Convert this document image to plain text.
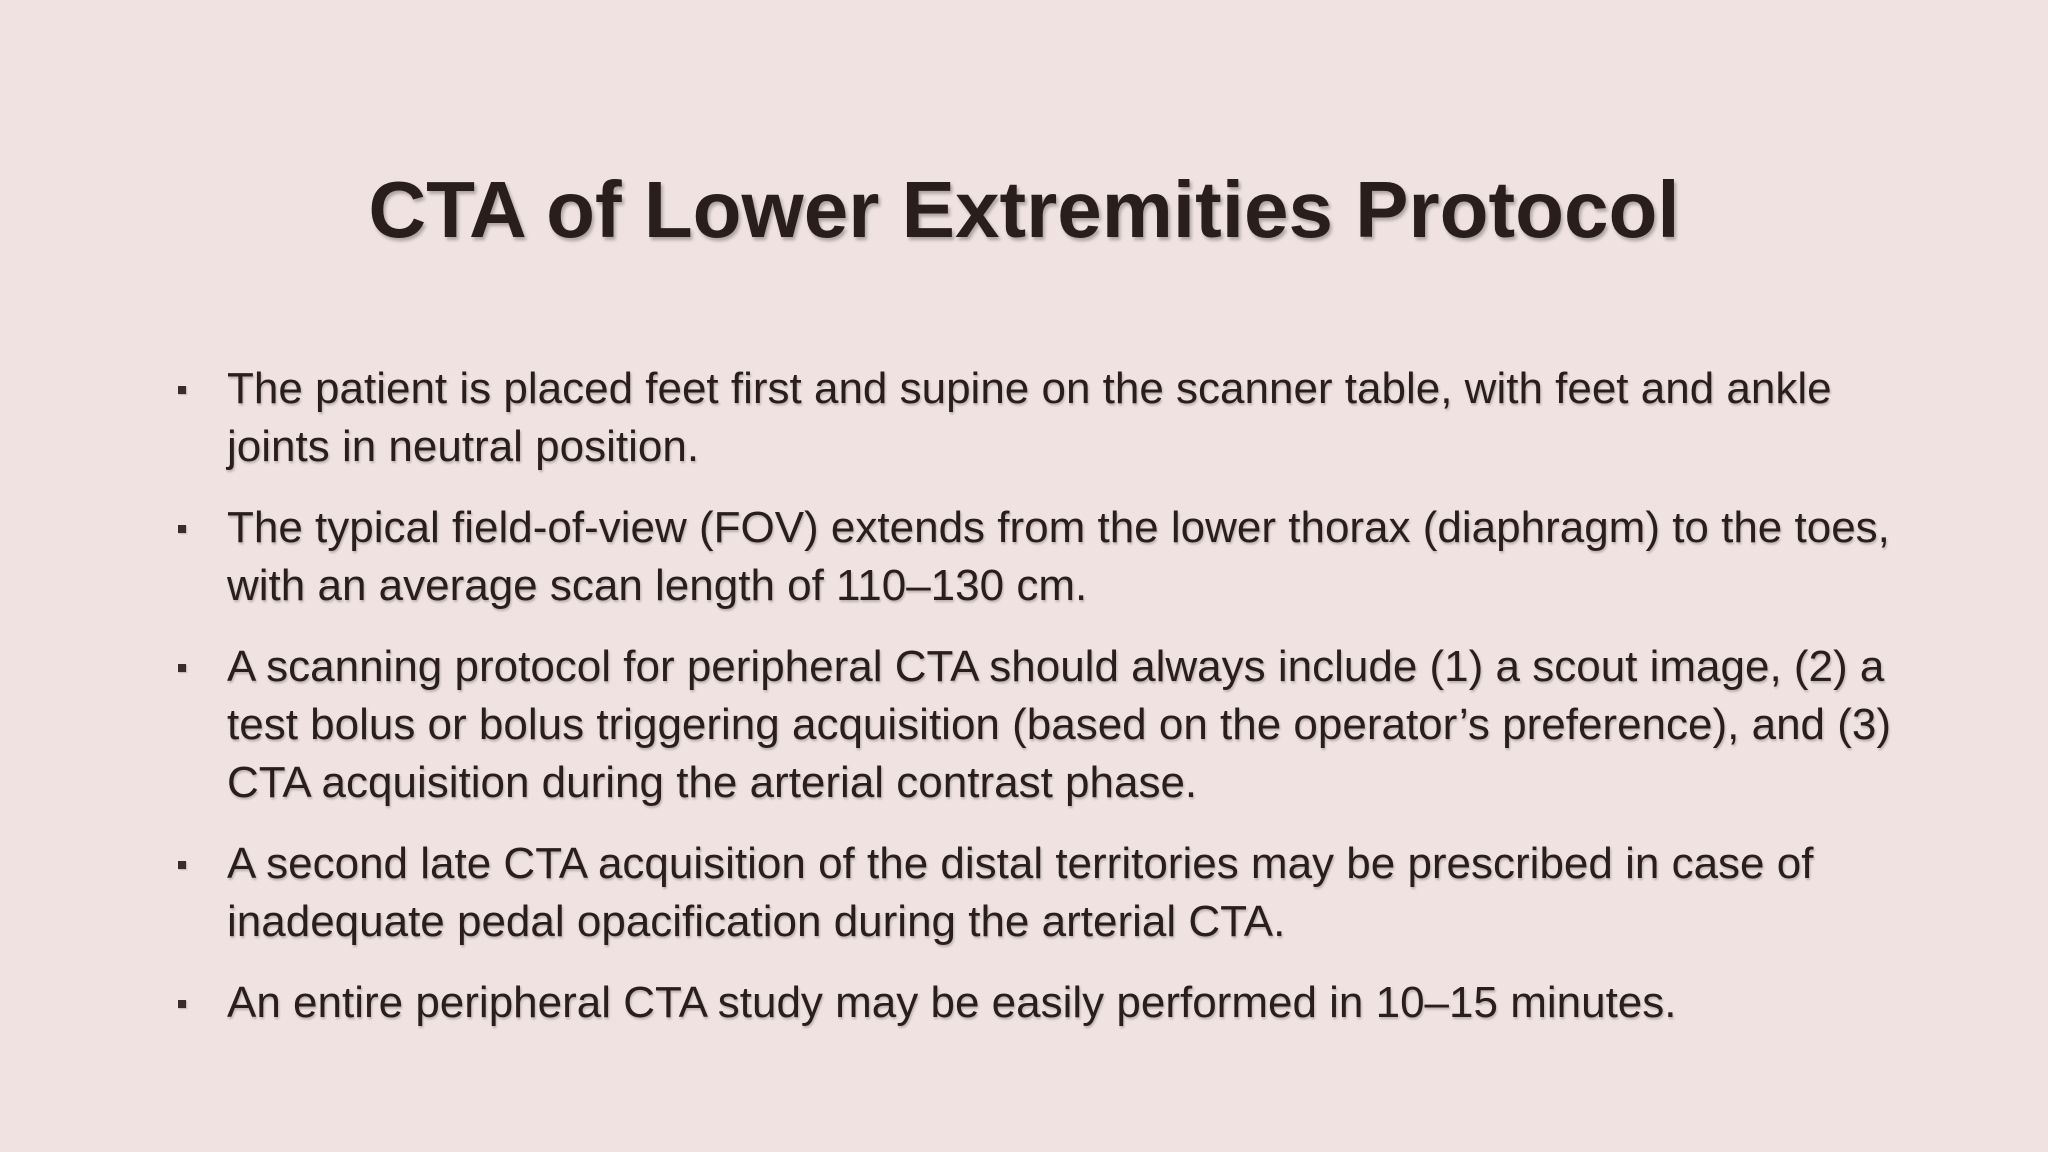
CTA of Lower Extremities Protocol
The patient is placed feet first and supine on the scanner table, with feet and ankle joints in neutral position.
The typical field-of-view (FOV) extends from the lower thorax (diaphragm) to the toes, with an average scan length of 110–130 cm.
A scanning protocol for peripheral CTA should always include (1) a scout image, (2) a test bolus or bolus triggering acquisition (based on the operator’s preference), and (3) CTA acquisition during the arterial contrast phase.
A second late CTA acquisition of the distal territories may be prescribed in case of inadequate pedal opacification during the arterial CTA.
An entire peripheral CTA study may be easily performed in 10–15 minutes.
